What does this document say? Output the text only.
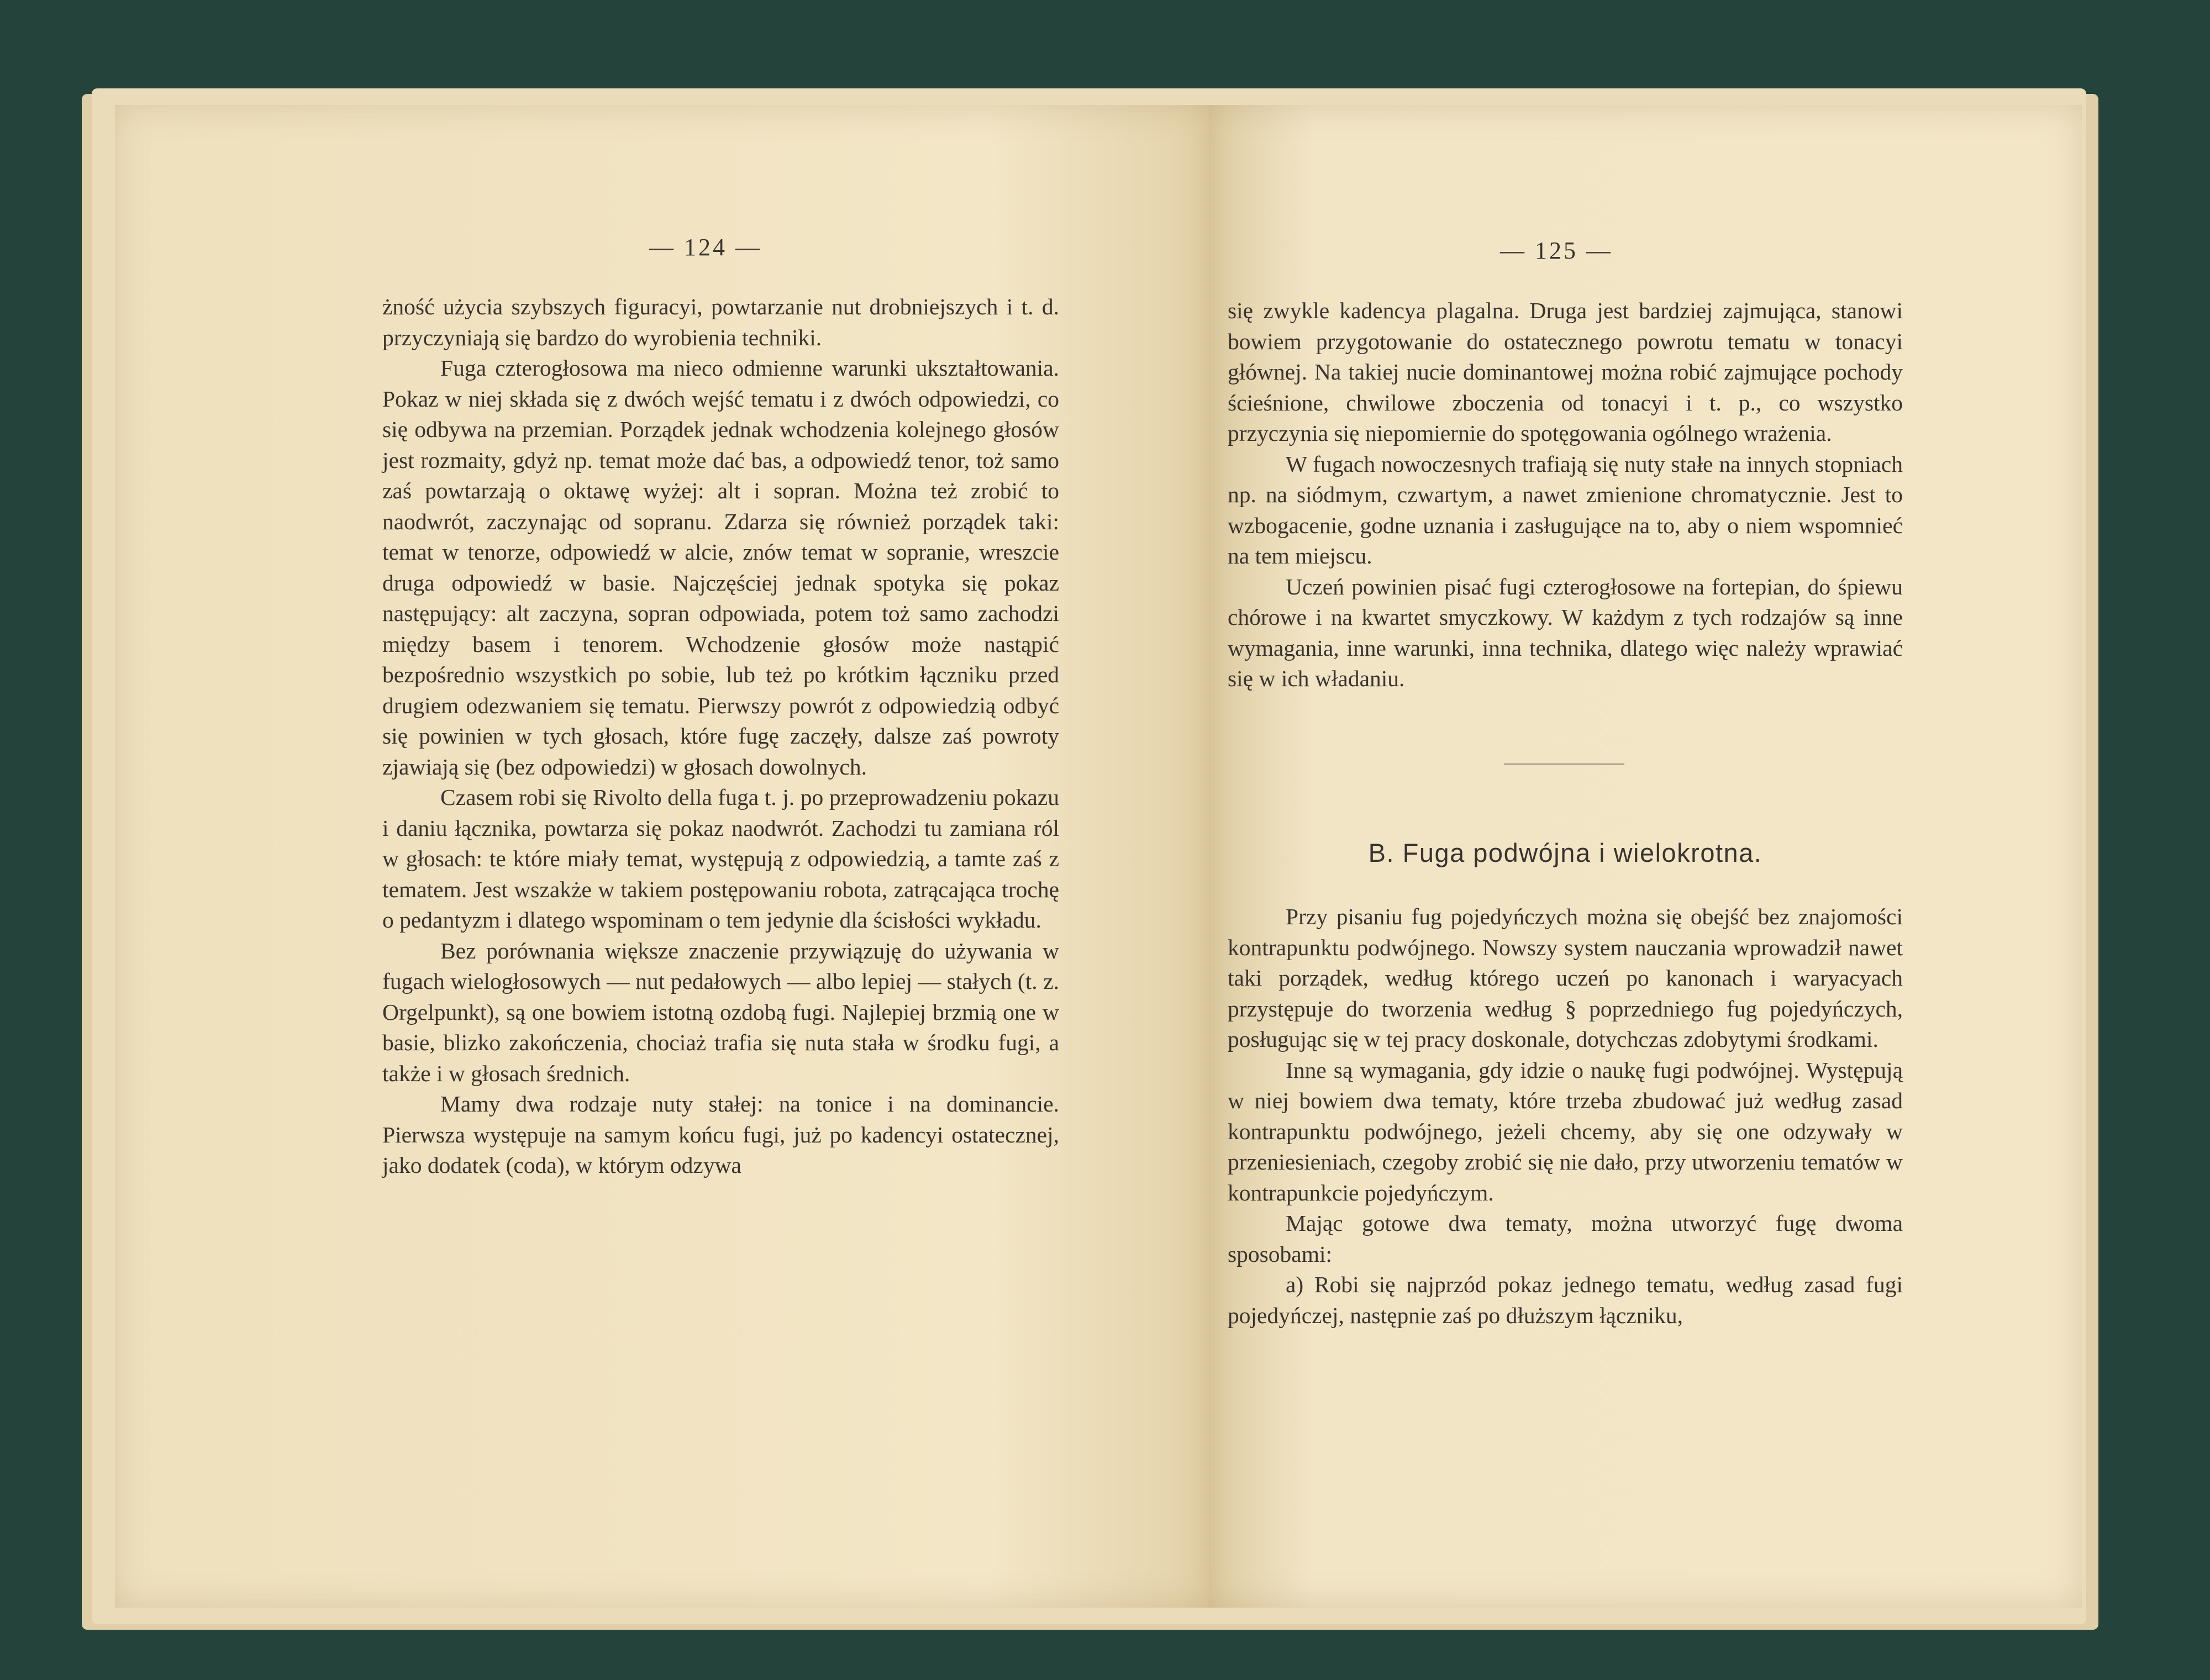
— 124 —	— 125 —

żność użycia szybszych figuracyi, powtarzanie nut drobniejszych i t. d. przyczyniają się bardzo do wyrobienia techniki.

Fuga czterogłosowa ma nieco odmienne warunki ukształtowania. Pokaz w niej składa się z dwóch wejść tematu i z dwóch odpowiedzi, co się odbywa na przemian. Porządek jednak wchodzenia kolejnego głosów jest rozmaity, gdyż np. temat może dać bas, a odpowiedź tenor, toż samo zaś powtarzają o oktawę wyżej: alt i sopran. Można też zrobić to naodwrót, zaczynając od sopranu. Zdarza się również porządek taki: temat w tenorze, odpowiedź w alcie, znów temat w sopranie, wreszcie druga odpowiedź w basie. Najczęściej jednak spotyka się pokaz następujący: alt zaczyna, sopran odpowiada, potem toż samo zachodzi między basem i tenorem. Wchodzenie głosów może nastąpić bezpośrednio wszystkich po sobie, lub też po krótkim łączniku przed drugiem odezwaniem się tematu. Pierwszy powrót z odpowiedzią odbyć się powinien w tych głosach, które fugę zaczęły, dalsze zaś powroty zjawiają się (bez odpowiedzi) w głosach dowolnych.

Czasem robi się Rivolto della fuga t. j. po przeprowadzeniu pokazu i daniu łącznika, powtarza się pokaz naodwrót. Zachodzi tu zamiana ról w głosach: te które miały temat, występują z odpowiedzią, a tamte zaś z tematem. Jest wszakże w takiem postępowaniu robota, zatrącająca trochę o pedantyzm i dlatego wspominam o tem jedynie dla ścisłości wykładu.

Bez porównania większe znaczenie przywiązuję do używania w fugach wielogłosowych — nut pedałowych — albo lepiej — stałych (t. z. Orgelpunkt), są one bowiem istotną ozdobą fugi. Najlepiej brzmią one w basie, blizko zakończenia, chociaż trafia się nuta stała w środku fugi, a także i w głosach średnich.

Mamy dwa rodzaje nuty stałej: na tonice i na dominancie. Pierwsza występuje na samym końcu fugi, już po kadencyi ostatecznej, jako dodatek (coda), w którym odzywa

się zwykle kadencya plagalna. Druga jest bardziej zajmująca, stanowi bowiem przygotowanie do ostatecznego powrotu tematu w tonacyi głównej. Na takiej nucie dominantowej można robić zajmujące pochody ścieśnione, chwilowe zboczenia od tonacyi i t. p., co wszystko przyczynia się niepomiernie do spotęgowania ogólnego wrażenia.

W fugach nowoczesnych trafiają się nuty stałe na innych stopniach np. na siódmym, czwartym, a nawet zmienione chromatycznie. Jest to wzbogacenie, godne uznania i zasługujące na to, aby o niem wspomnieć na tem miejscu.

Uczeń powinien pisać fugi czterogłosowe na fortepian, do śpiewu chórowe i na kwartet smyczkowy. W każdym z tych rodzajów są inne wymagania, inne warunki, inna technika, dlatego więc należy wprawiać się w ich władaniu.

B. Fuga podwójna i wielokrotna.

Przy pisaniu fug pojedyńczych można się obejść bez znajomości kontrapunktu podwójnego. Nowszy system nauczania wprowadził nawet taki porządek, według którego uczeń po kanonach i waryacyach przystępuje do tworzenia według § poprzedniego fug pojedyńczych, posługując się w tej pracy doskonale, dotychczas zdobytymi środkami.

Inne są wymagania, gdy idzie o naukę fugi podwójnej. Występują w niej bowiem dwa tematy, które trzeba zbudować już według zasad kontrapunktu podwójnego, jeżeli chcemy, aby się one odzywały w przeniesieniach, czegoby zrobić się nie dało, przy utworzeniu tematów w kontrapunkcie pojedyńczym.

Mając gotowe dwa tematy, można utworzyć fugę dwoma sposobami:

a) Robi się najprzód pokaz jednego tematu, według zasad fugi pojedyńczej, następnie zaś po dłuższym łączniku,
